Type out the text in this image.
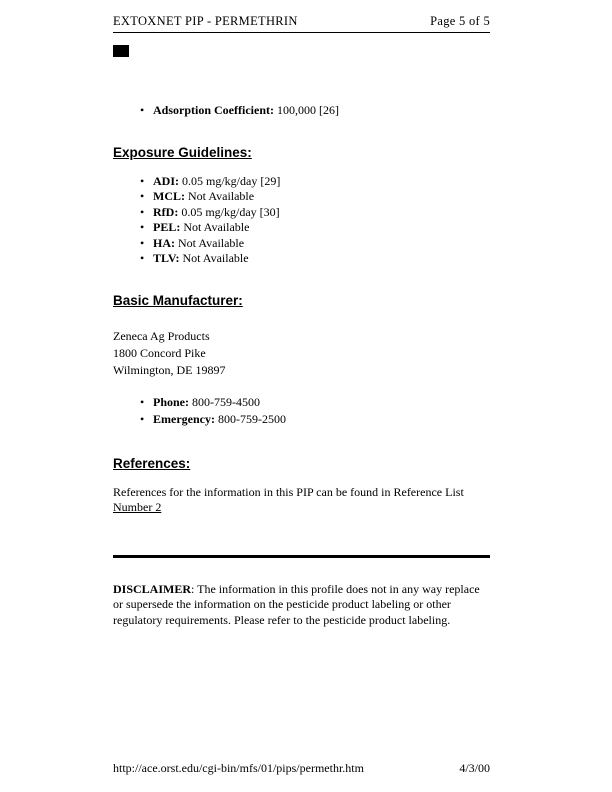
EXTOXNET PIP - PERMETHRIN	Page 5 of 5
• Adsorption Coefficient: 100,000 [26]
Exposure Guidelines:
• ADI: 0.05 mg/kg/day [29]
• MCL: Not Available
• RfD: 0.05 mg/kg/day [30]
• PEL: Not Available
• HA: Not Available
• TLV: Not Available
Basic Manufacturer:
Zeneca Ag Products
1800 Concord Pike
Wilmington, DE 19897
• Phone: 800-759-4500
• Emergency: 800-759-2500
References:
References for the information in this PIP can be found in Reference List
Number 2
DISCLAIMER: The information in this profile does not in any way replace or supersede the information on the pesticide product labeling or other regulatory requirements. Please refer to the pesticide product labeling.
http://ace.orst.edu/cgi-bin/mfs/01/pips/permethr.htm	4/3/00
